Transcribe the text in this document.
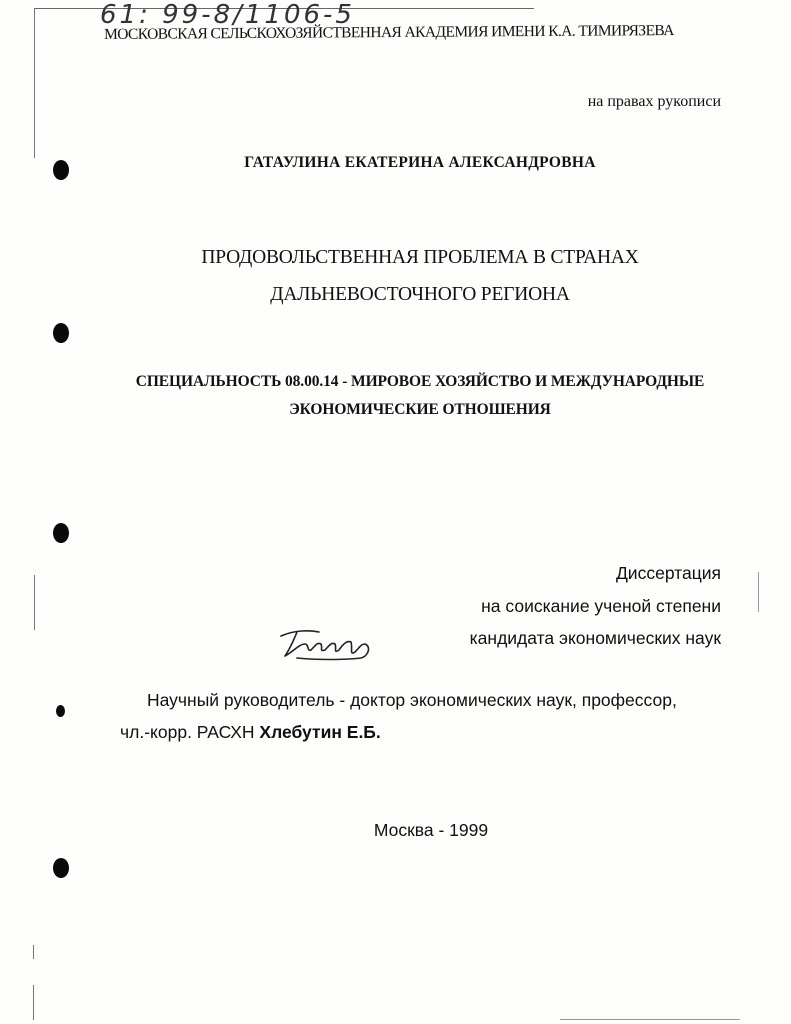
61: 99-8/1106-5
МОСКОВСКАЯ СЕЛЬСКОХОЗЯЙСТВЕННАЯ АКАДЕМИЯ ИМЕНИ К.А. ТИМИРЯЗЕВА
на правах рукописи
ГАТАУЛИНА ЕКАТЕРИНА АЛЕКСАНДРОВНА
ПРОДОВОЛЬСТВЕННАЯ ПРОБЛЕМА В СТРАНАХ
ДАЛЬНЕВОСТОЧНОГО РЕГИОНА
СПЕЦИАЛЬНОСТЬ 08.00.14 - МИРОВОЕ ХОЗЯЙСТВО И МЕЖДУНАРОДНЫЕ
ЭКОНОМИЧЕСКИЕ ОТНОШЕНИЯ
Диссертация
на соискание ученой степени
кандидата экономических наук
Научный руководитель - доктор экономических наук, профессор,
чл.-корр. РАСХН Хлебутин Е.Б.
Москва - 1999
